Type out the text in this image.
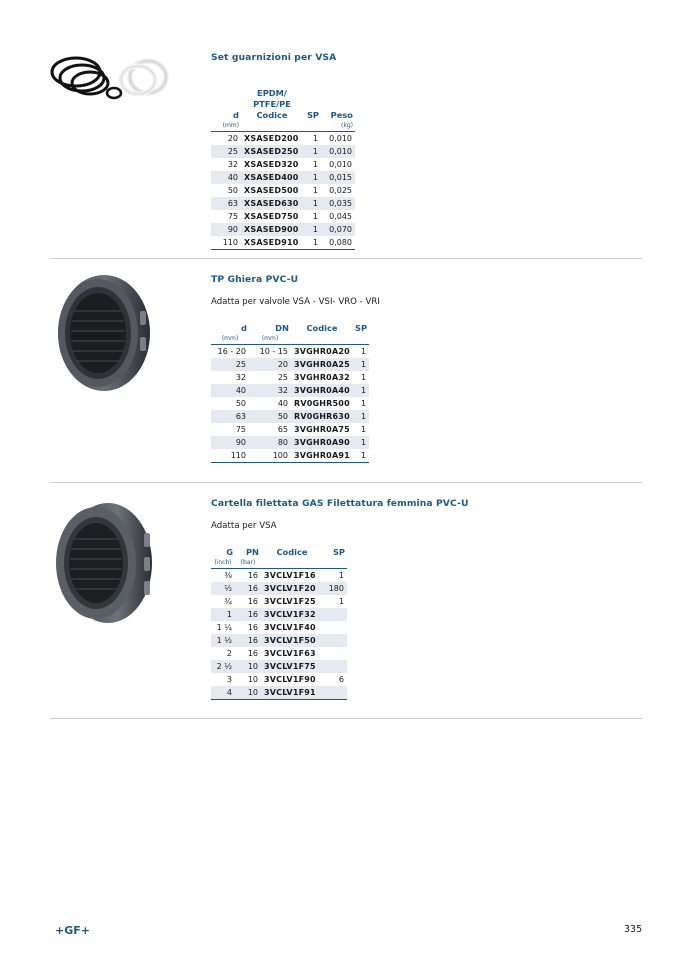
Set guarnizioni per VSA
d	EPDM/ PTFE/PE Codice	SP	Peso
(mm)			(kg)
20	XSASED200	1	0,010
25	XSASED250	1	0,010
32	XSASED320	1	0,010
40	XSASED400	1	0,015
50	XSASED500	1	0,025
63	XSASED630	1	0,035
75	XSASED750	1	0,045
90	XSASED900	1	0,070
110	XSASED910	1	0,080
TP Ghiera PVC-U
Adatta per valvole VSA - VSI- VRO - VRI
d	DN	Codice	SP
(mm)	(mm)		
16 - 20	10 - 15	3VGHR0A20	1
25	20	3VGHR0A25	1
32	25	3VGHR0A32	1
40	32	3VGHR0A40	1
50	40	RV0GHR500	1
63	50	RV0GHR630	1
75	65	3VGHR0A75	1
90	80	3VGHR0A90	1
110	100	3VGHR0A91	1
Cartella filettata GAS Filettatura femmina PVC-U
Adatta per VSA
G	PN	Codice	SP
(inch)	(bar)		
⅜	16	3VCLV1F16	1
½	16	3VCLV1F20	180
¾	16	3VCLV1F25	1
1	16	3VCLV1F32	
1 ¼	16	3VCLV1F40	
1 ½	16	3VCLV1F50	
2	16	3VCLV1F63	
2 ½	10	3VCLV1F75	
3	10	3VCLV1F90	6
4	10	3VCLV1F91	
+GF+	335
